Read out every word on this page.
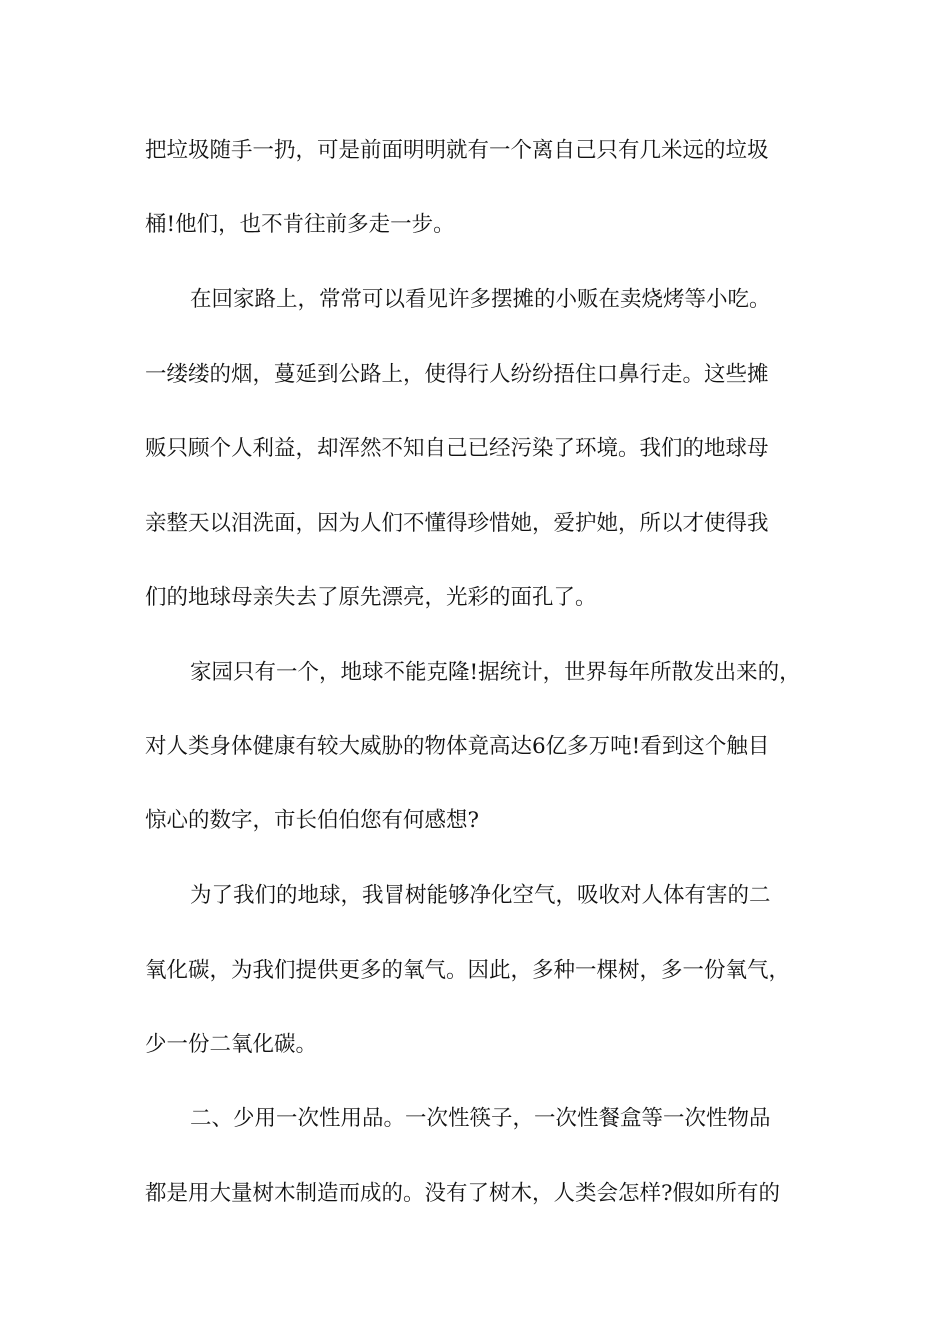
把垃圾随手一扔，可是前面明明就有一个离自己只有几米远的垃圾
桶!他们，也不肯往前多走一步。
在回家路上，常常可以看见许多摆摊的小贩在卖烧烤等小吃。
一缕缕的烟，蔓延到公路上，使得行人纷纷捂住口鼻行走。这些摊
贩只顾个人利益，却浑然不知自己已经污染了环境。我们的地球母
亲整天以泪洗面，因为人们不懂得珍惜她，爱护她，所以才使得我
们的地球母亲失去了原先漂亮，光彩的面孔了。
家园只有一个，地球不能克隆!据统计，世界每年所散发出来的，
对人类身体健康有较大威胁的物体竟高达6亿多万吨!看到这个触目
惊心的数字，市长伯伯您有何感想?
为了我们的地球，我冒树能够净化空气，吸收对人体有害的二
氧化碳，为我们提供更多的氧气。因此，多种一棵树，多一份氧气，
少一份二氧化碳。
二、少用一次性用品。一次性筷子，一次性餐盒等一次性物品
都是用大量树木制造而成的。没有了树木，人类会怎样?假如所有的
